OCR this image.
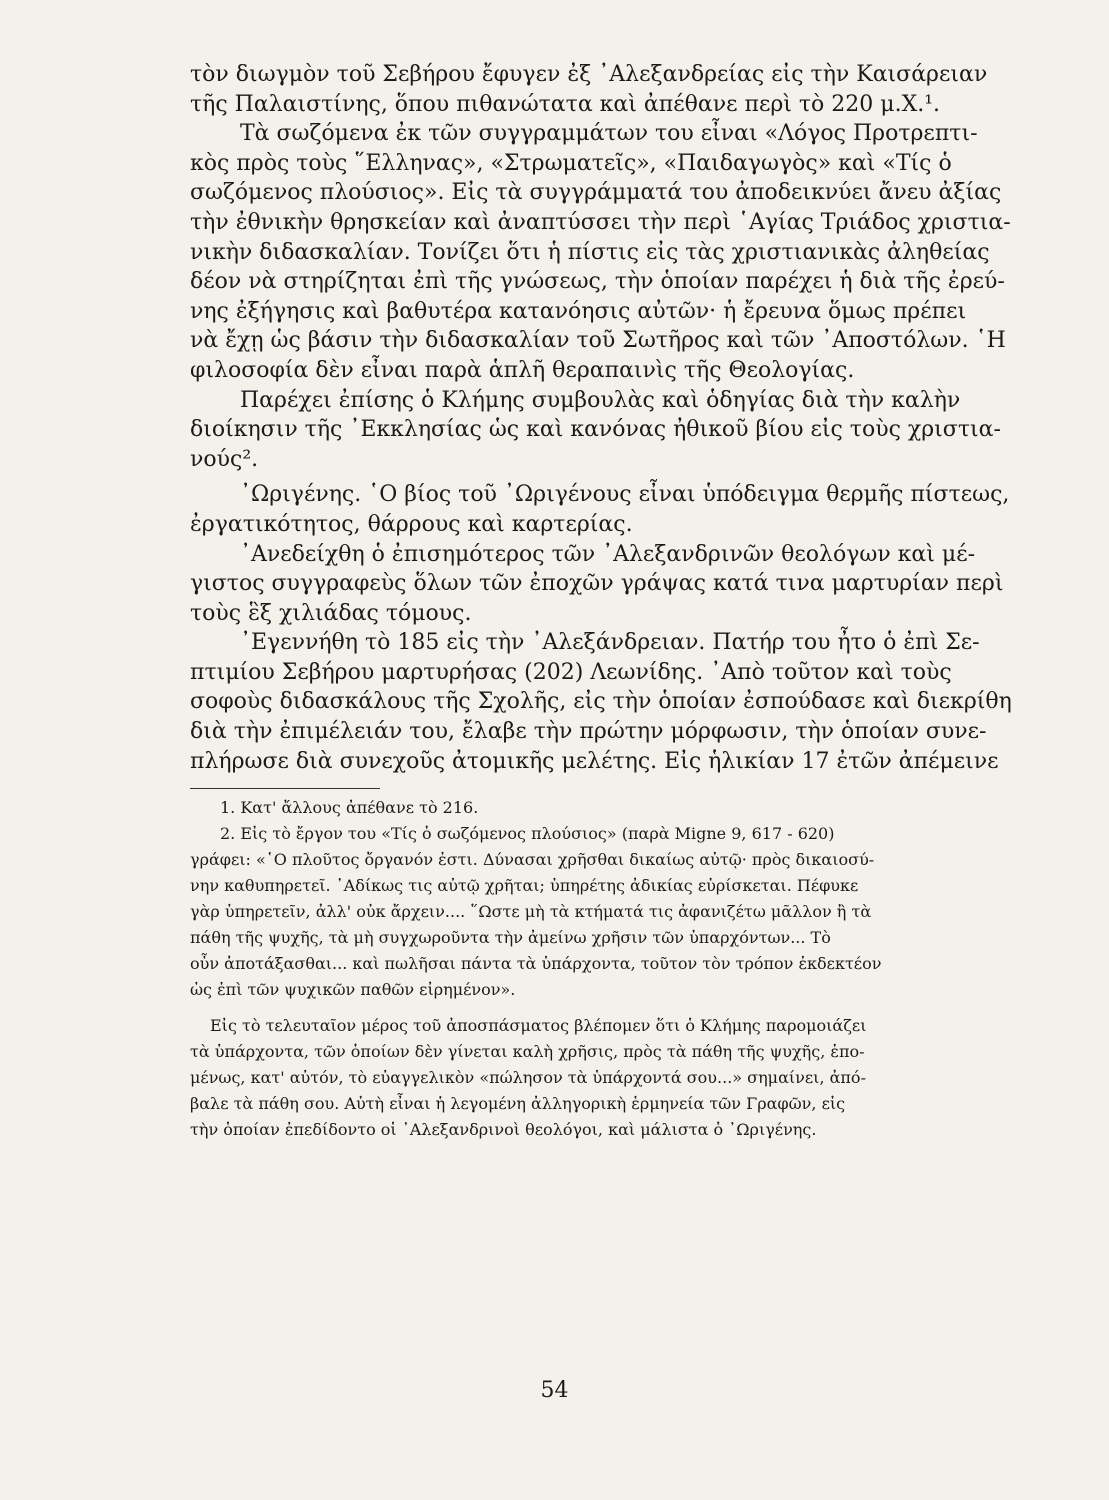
τὸν διωγμὸν τοῦ Σεβήρου ἔφυγεν ἐξ ᾿Αλεξανδρείας εἰς τὴν Καισάρειαν
τῆς Παλαιστίνης, ὅπου πιθανώτατα καὶ ἀπέθανε περὶ τὸ 220 μ.Χ.¹.
Τὰ σωζόμενα ἐκ τῶν συγγραμμάτων του εἶναι «Λόγος Προτρεπτι-
κὸς πρὸς τοὺς ῞Ελληνας», «Στρωματεῖς», «Παιδαγωγὸς» καὶ «Τίς ὁ
σωζόμενος πλούσιος». Εἰς τὰ συγγράμματά του ἀποδεικνύει ἄνευ ἀξίας
τὴν ἐθνικὴν θρησκείαν καὶ ἀναπτύσσει τὴν περὶ ῾Αγίας Τριάδος χριστια-
νικὴν διδασκαλίαν. Τονίζει ὅτι ἡ πίστις εἰς τὰς χριστιανικὰς ἀληθείας
δέον νὰ στηρίζηται ἐπὶ τῆς γνώσεως, τὴν ὁποίαν παρέχει ἡ διὰ τῆς ἐρεύ-
νης ἐξήγησις καὶ βαθυτέρα κατανόησις αὐτῶν· ἡ ἔρευνα ὅμως πρέπει
νὰ ἔχῃ ὡς βάσιν τὴν διδασκαλίαν τοῦ Σωτῆρος καὶ τῶν ᾿Αποστόλων. ῾Η
φιλοσοφία δὲν εἶναι παρὰ ἁπλῆ θεραπαινὶς τῆς Θεολογίας.
Παρέχει ἐπίσης ὁ Κλήμης συμβουλὰς καὶ ὁδηγίας διὰ τὴν καλὴν
διοίκησιν τῆς ᾿Εκκλησίας ὡς καὶ κανόνας ἠθικοῦ βίου εἰς τοὺς χριστια-
νούς².
᾿Ωριγένης. ῾Ο βίος τοῦ ᾿Ωριγένους εἶναι ὑπόδειγμα θερμῆς πίστεως,
ἐργατικότητος, θάρρους καὶ καρτερίας.
᾿Ανεδείχθη ὁ ἐπισημότερος τῶν ᾿Αλεξανδρινῶν θεολόγων καὶ μέ-
γιστος συγγραφεὺς ὅλων τῶν ἐποχῶν γράψας κατά τινα μαρτυρίαν περὶ
τοὺς ἓξ χιλιάδας τόμους.
᾿Εγεννήθη τὸ 185 εἰς τὴν ᾿Αλεξάνδρειαν. Πατήρ του ἦτο ὁ ἐπὶ Σε-
πτιμίου Σεβήρου μαρτυρήσας (202) Λεωνίδης. ᾿Απὸ τοῦτον καὶ τοὺς
σοφοὺς διδασκάλους τῆς Σχολῆς, εἰς τὴν ὁποίαν ἐσπούδασε καὶ διεκρίθη
διὰ τὴν ἐπιμέλειάν του, ἔλαβε τὴν πρώτην μόρφωσιν, τὴν ὁποίαν συνε-
πλήρωσε διὰ συνεχοῦς ἀτομικῆς μελέτης. Εἰς ἡλικίαν 17 ἐτῶν ἀπέμεινε
1. Κατ' ἄλλους ἀπέθανε τὸ 216.
2. Εἰς τὸ ἔργον του «Τίς ὁ σωζόμενος πλούσιος» (παρὰ Migne 9, 617 - 620)
γράφει: «῾Ο πλοῦτος ὄργανόν ἐστι. Δύνασαι χρῆσθαι δικαίως αὐτῷ· πρὸς δικαιοσύ-
νην καθυπηρετεῖ. ᾿Αδίκως τις αὐτῷ χρῆται; ὑπηρέτης ἀδικίας εὑρίσκεται. Πέφυκε
γὰρ ὑπηρετεῖν, ἀλλ' οὐκ ἄρχειν.... ῞Ωστε μὴ τὰ κτήματά τις ἀφανιζέτω μᾶλλον ἢ τὰ
πάθη τῆς ψυχῆς, τὰ μὴ συγχωροῦντα τὴν ἀμείνω χρῆσιν τῶν ὑπαρχόντων... Τὸ
οὖν ἀποτάξασθαι... καὶ πωλῆσαι πάντα τὰ ὑπάρχοντα, τοῦτον τὸν τρόπον ἐκδεκτέον
ὡς ἐπὶ τῶν ψυχικῶν παθῶν εἰρημένον».
Εἰς τὸ τελευταῖον μέρος τοῦ ἀποσπάσματος βλέπομεν ὅτι ὁ Κλήμης παρομοιάζει
τὰ ὑπάρχοντα, τῶν ὁποίων δὲν γίνεται καλὴ χρῆσις, πρὸς τὰ πάθη τῆς ψυχῆς, ἐπο-
μένως, κατ' αὐτόν, τὸ εὐαγγελικὸν «πώλησον τὰ ὑπάρχοντά σου...» σημαίνει, ἀπό-
βαλε τὰ πάθη σου. Αὐτὴ εἶναι ἡ λεγομένη ἀλληγορικὴ ἑρμηνεία τῶν Γραφῶν, εἰς
τὴν ὁποίαν ἐπεδίδοντο οἱ ᾿Αλεξανδρινοὶ θεολόγοι, καὶ μάλιστα ὁ ᾿Ωριγένης.
54
